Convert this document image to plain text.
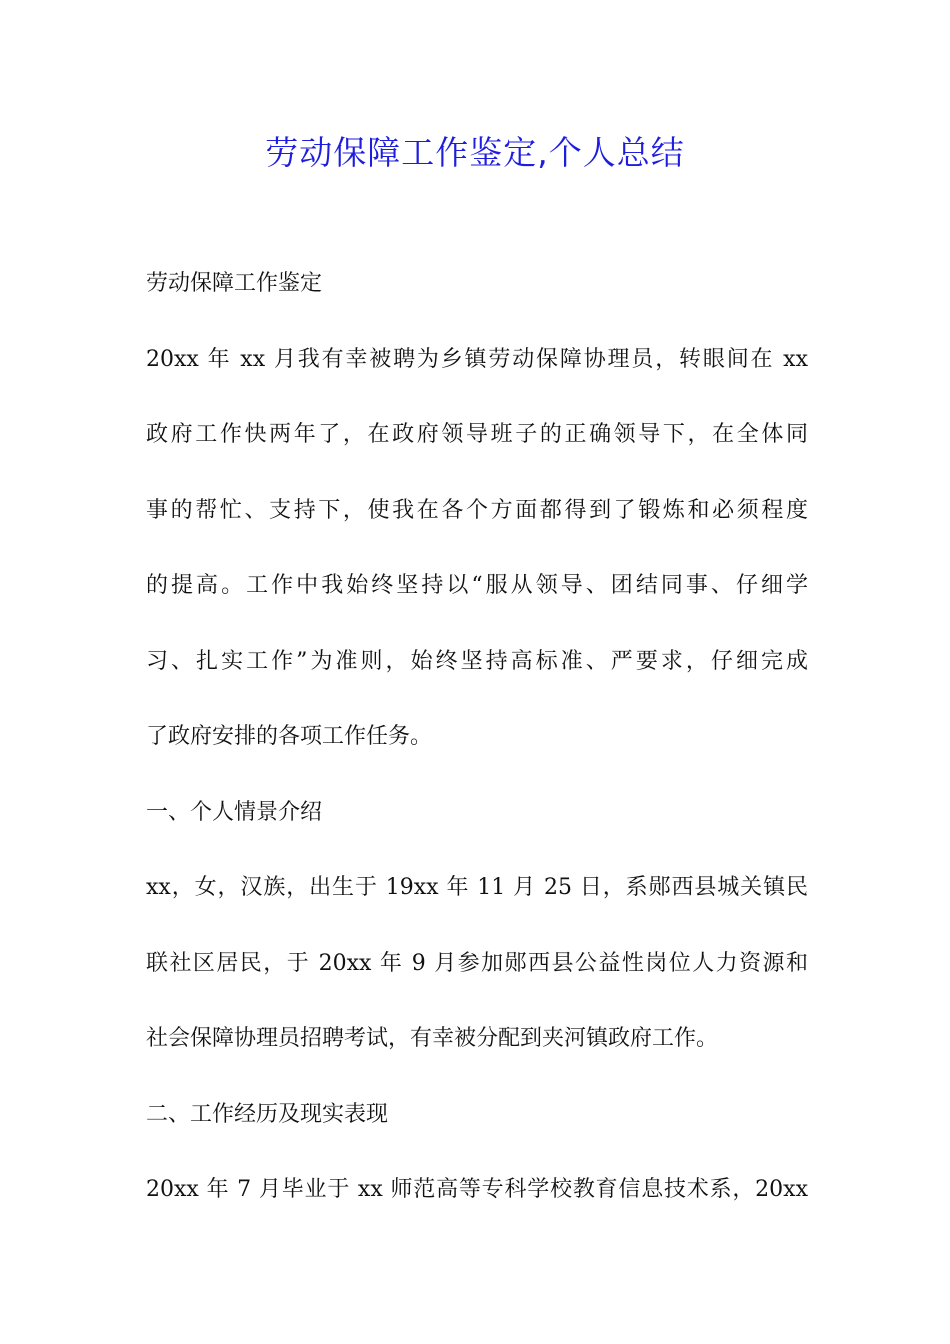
劳动保障工作鉴定,个人总结
劳动保障工作鉴定
20xx 年 xx 月我有幸被聘为乡镇劳动保障协理员，转眼间在 xx
政府工作快两年了，在政府领导班子的正确领导下，在全体同
事的帮忙、支持下，使我在各个方面都得到了锻炼和必须程度
的提高。工作中我始终坚持以“服从领导、团结同事、仔细学
习、扎实工作”为准则，始终坚持高标准、严要求，仔细完成
了政府安排的各项工作任务。
一、个人情景介绍
xx，女，汉族，出生于 19xx 年 11 月 25 日，系郧西县城关镇民
联社区居民，于 20xx 年 9 月参加郧西县公益性岗位人力资源和
社会保障协理员招聘考试，有幸被分配到夹河镇政府工作。
二、工作经历及现实表现
20xx 年 7 月毕业于 xx 师范高等专科学校教育信息技术系，20xx
